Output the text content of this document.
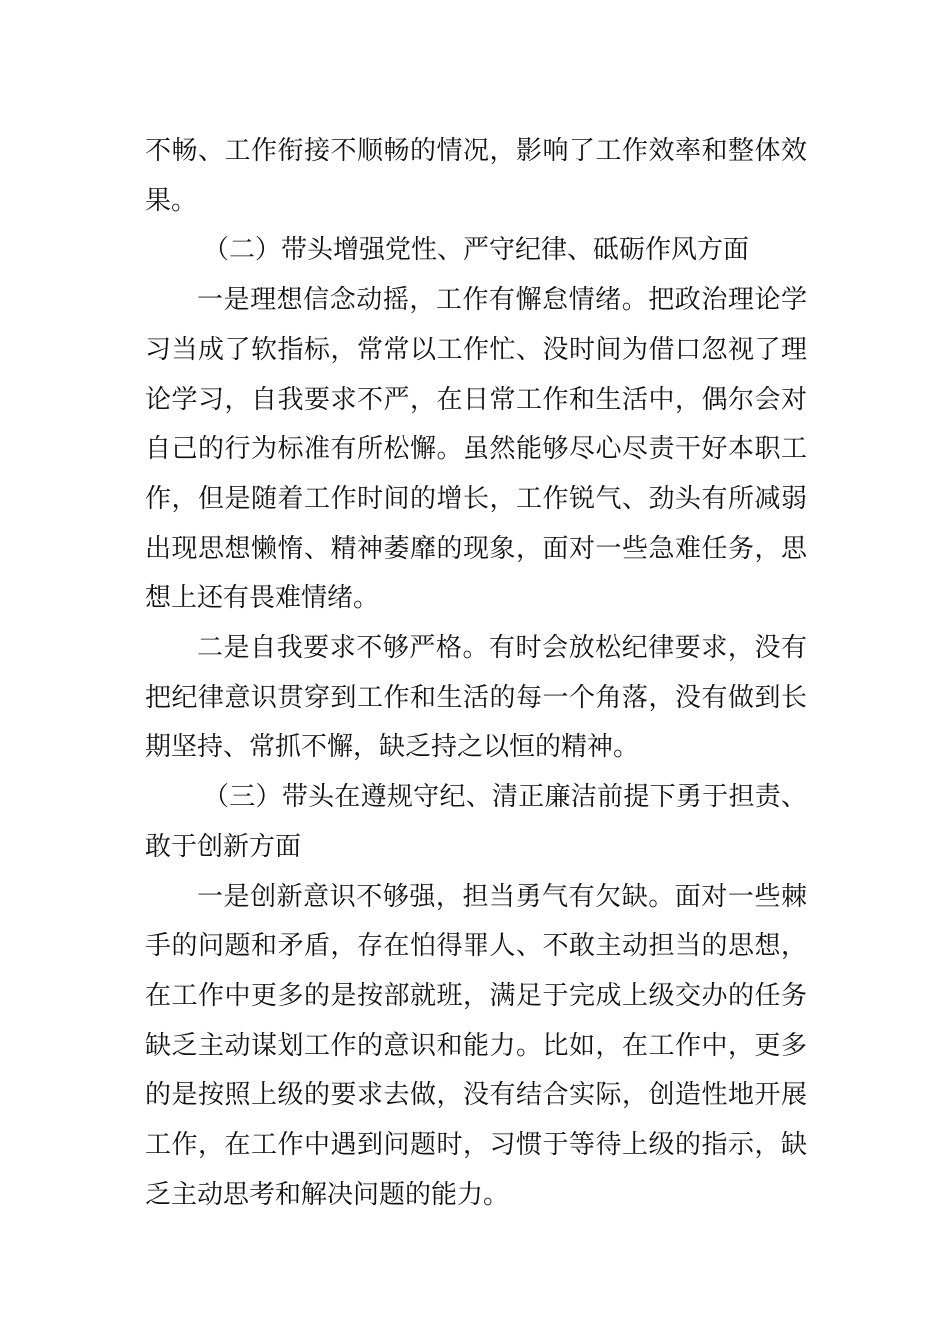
不畅、工作衔接不顺畅的情况，影响了工作效率和整体效果。

（二）带头增强党性、严守纪律、砥砺作风方面

一是理想信念动摇，工作有懈怠情绪。把政治理论学习当成了软指标，常常以工作忙、没时间为借口忽视了理论学习，自我要求不严，在日常工作和生活中，偶尔会对自己的行为标准有所松懈。虽然能够尽心尽责干好本职工作，但是随着工作时间的增长，工作锐气、劲头有所减弱出现思想懒惰、精神萎靡的现象，面对一些急难任务，思想上还有畏难情绪。

二是自我要求不够严格。有时会放松纪律要求，没有把纪律意识贯穿到工作和生活的每一个角落，没有做到长期坚持、常抓不懈，缺乏持之以恒的精神。

（三）带头在遵规守纪、清正廉洁前提下勇于担责、敢于创新方面

一是创新意识不够强，担当勇气有欠缺。面对一些棘手的问题和矛盾，存在怕得罪人、不敢主动担当的思想，在工作中更多的是按部就班，满足于完成上级交办的任务缺乏主动谋划工作的意识和能力。比如，在工作中，更多的是按照上级的要求去做，没有结合实际，创造性地开展工作，在工作中遇到问题时，习惯于等待上级的指示，缺乏主动思考和解决问题的能力。
